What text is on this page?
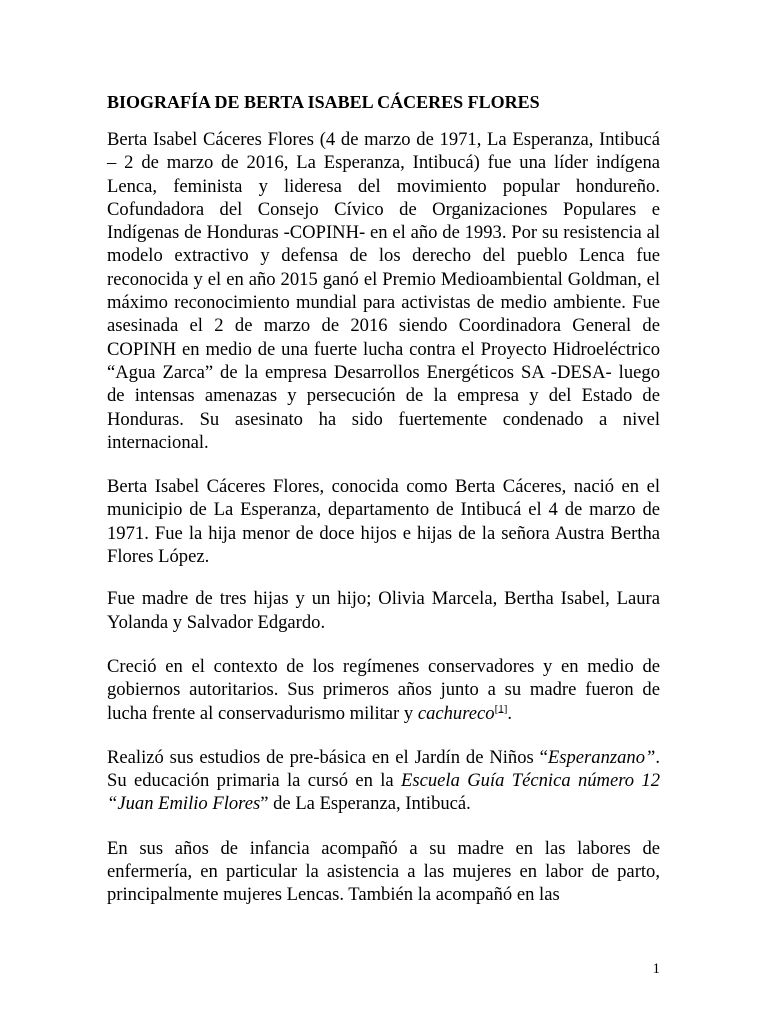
BIOGRAFÍA DE BERTA ISABEL CÁCERES FLORES

Berta Isabel Cáceres Flores (4 de marzo de 1971, La Esperanza, Intibucá – 2 de marzo de 2016, La Esperanza, Intibucá) fue una líder indígena Lenca, feminista y lideresa del movimiento popular hondureño. Cofundadora del Consejo Cívico de Organizaciones Populares e Indígenas de Honduras -COPINH- en el año de 1993. Por su resistencia al modelo extractivo y defensa de los derecho del pueblo Lenca fue reconocida y el en año 2015 ganó el Premio Medioambiental Goldman, el máximo reconocimiento mundial para activistas de medio ambiente. Fue asesinada el 2 de marzo de 2016 siendo Coordinadora General de COPINH en medio de una fuerte lucha contra el Proyecto Hidroeléctrico “Agua Zarca” de la empresa Desarrollos Energéticos SA -DESA- luego de intensas amenazas y persecución de la empresa y del Estado de Honduras. Su asesinato ha sido fuertemente condenado a nivel internacional.

Berta Isabel Cáceres Flores, conocida como Berta Cáceres, nació en el municipio de La Esperanza, departamento de Intibucá el 4 de marzo de 1971. Fue la hija menor de doce hijos e hijas de la señora Austra Bertha Flores López.

Fue madre de tres hijas y un hijo; Olivia Marcela, Bertha Isabel, Laura Yolanda y Salvador Edgardo.

Creció en el contexto de los regímenes conservadores y en medio de gobiernos autoritarios. Sus primeros años junto a su madre fueron de lucha frente al conservadurismo militar y cachureco[1].

Realizó sus estudios de pre-básica en el Jardín de Niños “Esperanzano”. Su educación primaria la cursó en la Escuela Guía Técnica número 12 “Juan Emilio Flores” de La Esperanza, Intibucá.

En sus años de infancia acompañó a su madre en las labores de enfermería, en particular la asistencia a las mujeres en labor de parto, principalmente mujeres Lencas. También la acompañó en las

1
